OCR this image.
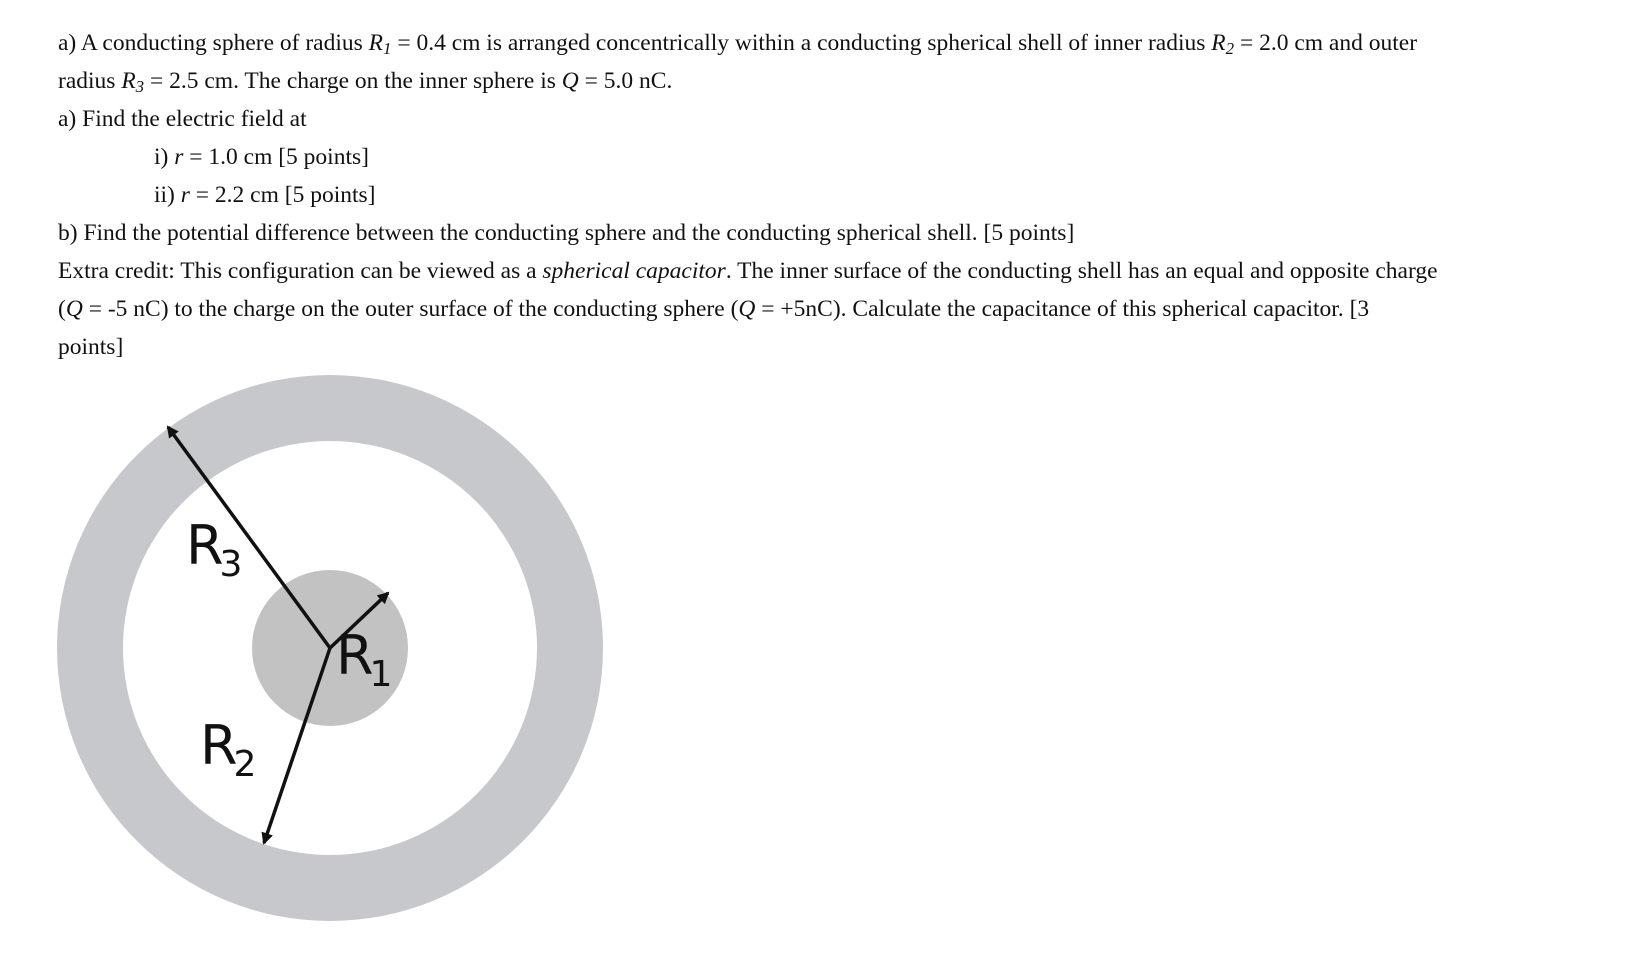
a) A conducting sphere of radius $R_1 = 0.4$ cm is arranged concentrically within a conducting spherical shell of inner radius $R_2 = 2.0$ cm and outer
radius $R_3 = 2.5$ cm. The charge on the inner sphere is Q = 5.0 nC.
a) Find the electric field at
i) r = 1.0 cm [5 points]
ii) r = 2.2 cm [5 points]
b) Find the potential difference between the conducting sphere and the conducting spherical shell. [5 points]
Extra credit: This configuration can be viewed as a spherical capacitor. The inner surface of the conducting shell has an equal and opposite charge
(Q = -5 nC) to the charge on the outer surface of the conducting sphere (Q = +5nC). Calculate the capacitance of this spherical capacitor. [3
points]
R3
R2
R1
